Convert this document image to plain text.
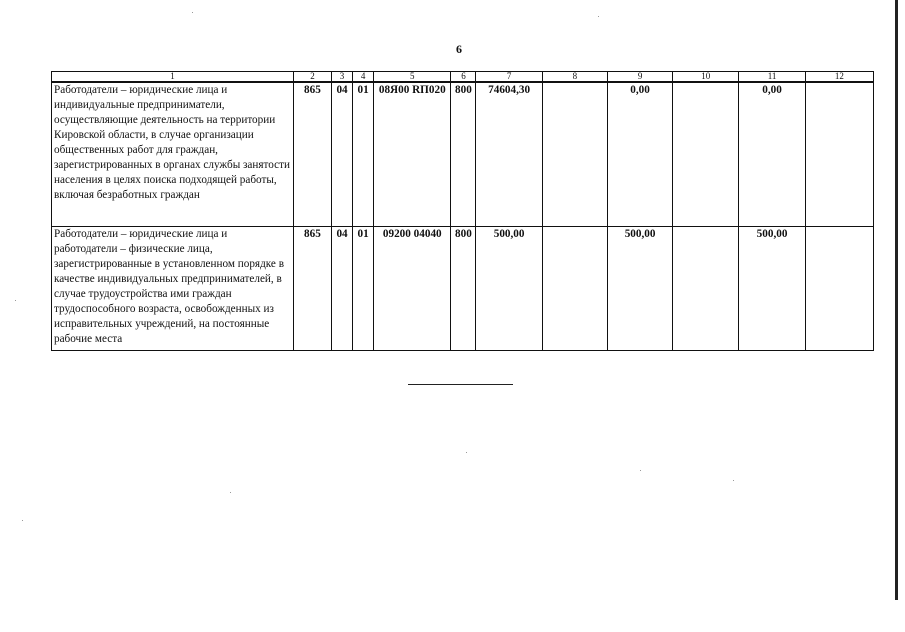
6
1	2	3	4	5	6	7	8	9	10	11	12
Работодатели – юридические лица и индивидуальные предприниматели, осуществляющие деятельность на территории Кировской области, в случае организации общественных работ для граждан, зарегистрированных в органах службы занятости населения в целях поиска подходящей работы, включая безработных граждан	865	04	01	08Я00 RП020	800	74604,30		0,00		0,00	
Работодатели – юридические лица и работодатели – физические лица, зарегистрированные в установленном порядке в качестве индивидуальных предпринимателей, в случае трудоустройства ими граждан трудоспособного возраста, освобожденных из исправительных учреждений, на постоянные рабочие места	865	04	01	09200 04040	800	500,00		500,00		500,00	
